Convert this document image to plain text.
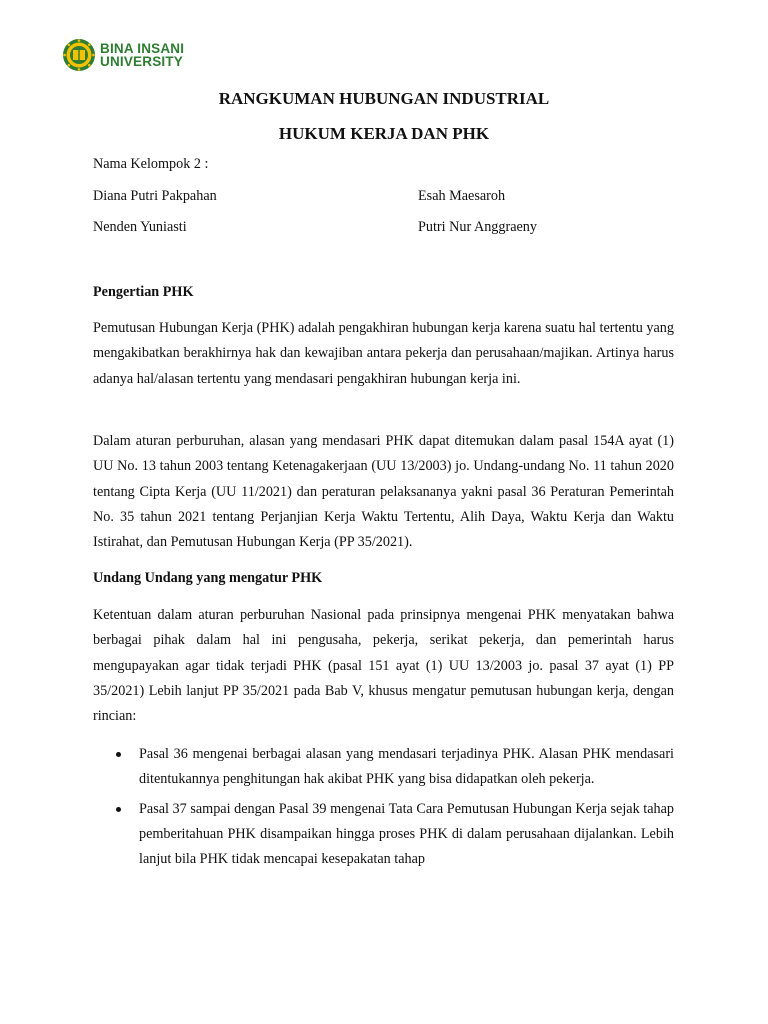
BINA INSANI
UNIVERSITY
RANGKUMAN HUBUNGAN INDUSTRIAL
HUKUM KERJA DAN PHK
Nama Kelompok 2 :
Diana Putri Pakpahan	Esah Maesaroh
Nenden Yuniasti	Putri Nur Anggraeny
Pengertian PHK
Pemutusan Hubungan Kerja (PHK) adalah pengakhiran hubungan kerja karena suatu hal tertentu yang mengakibatkan berakhirnya hak dan kewajiban antara pekerja dan perusahaan/majikan. Artinya harus adanya hal/alasan tertentu yang mendasari pengakhiran hubungan kerja ini.
Dalam aturan perburuhan, alasan yang mendasari PHK dapat ditemukan dalam pasal 154A ayat (1) UU No. 13 tahun 2003 tentang Ketenagakerjaan (UU 13/2003) jo. Undang-undang No. 11 tahun 2020 tentang Cipta Kerja (UU 11/2021) dan peraturan pelaksananya yakni pasal 36 Peraturan Pemerintah No. 35 tahun 2021 tentang Perjanjian Kerja Waktu Tertentu, Alih Daya, Waktu Kerja dan Waktu Istirahat, dan Pemutusan Hubungan Kerja (PP 35/2021).
Undang Undang yang mengatur PHK
Ketentuan dalam aturan perburuhan Nasional pada prinsipnya mengenai PHK menyatakan bahwa berbagai pihak dalam hal ini pengusaha, pekerja, serikat pekerja, dan pemerintah harus mengupayakan agar tidak terjadi PHK (pasal 151 ayat (1) UU 13/2003 jo. pasal 37 ayat (1) PP 35/2021) Lebih lanjut PP 35/2021 pada Bab V, khusus mengatur pemutusan hubungan kerja, dengan rincian:
Pasal 36 mengenai berbagai alasan yang mendasari terjadinya PHK. Alasan PHK mendasari ditentukannya penghitungan hak akibat PHK yang bisa didapatkan oleh pekerja.
Pasal 37 sampai dengan Pasal 39 mengenai Tata Cara Pemutusan Hubungan Kerja sejak tahap pemberitahuan PHK disampaikan hingga proses PHK di dalam perusahaan dijalankan. Lebih lanjut bila PHK tidak mencapai kesepakatan tahap
